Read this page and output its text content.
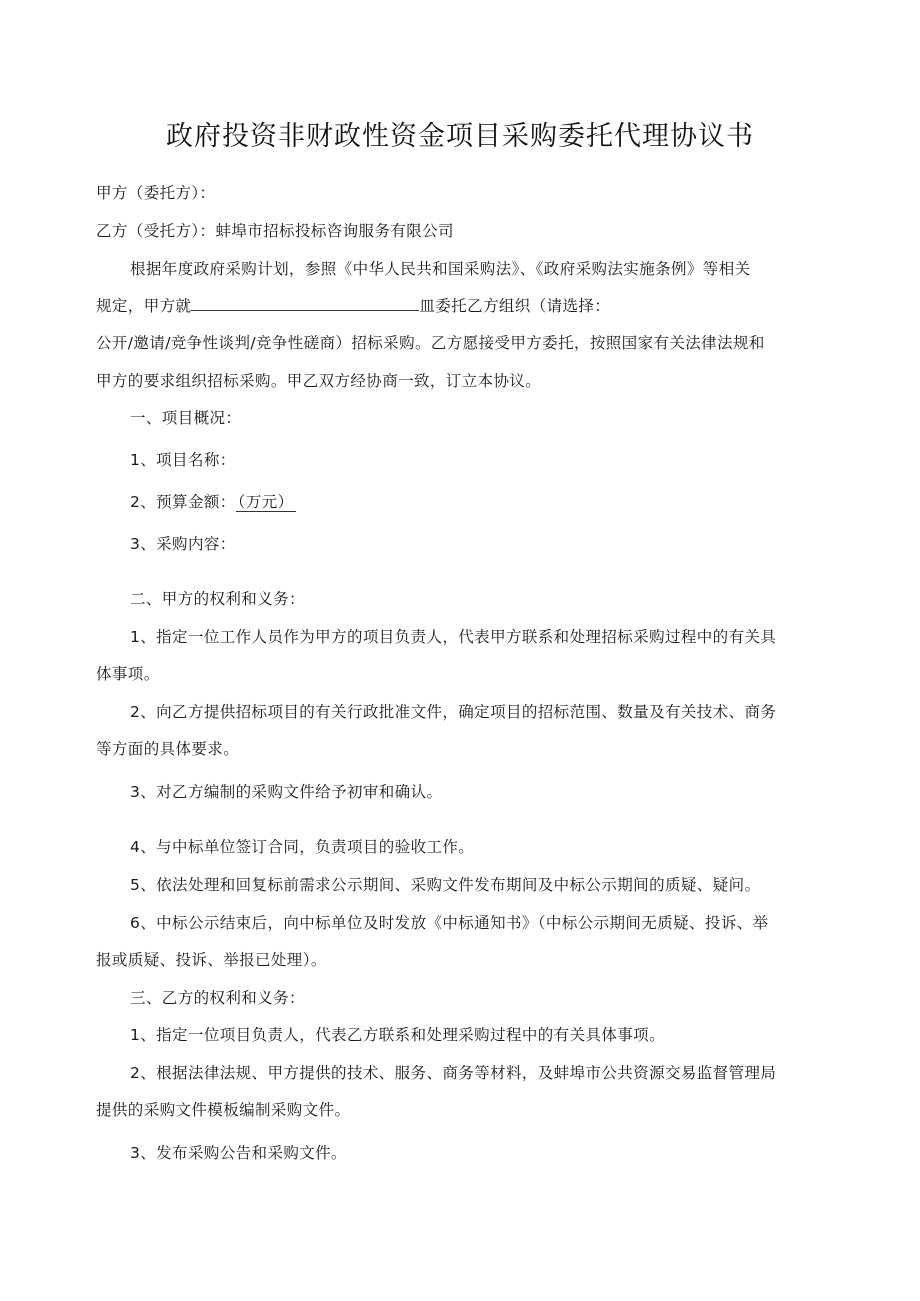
政府投资非财政性资金项目采购委托代理协议书
甲方（委托方）：
乙方（受托方）：蚌埠市招标投标咨询服务有限公司
根据年度政府采购计划，参照《中华人民共和国采购法》、《政府采购法实施条例》等相关
规定，甲方就	皿委托乙方组织（请选择：
公开/邀请/竞争性谈判/竞争性磋商）招标采购。乙方愿接受甲方委托，按照国家有关法律法规和
甲方的要求组织招标采购。甲乙双方经协商一致，订立本协议。
一、项目概况：
1、项目名称：
2、预算金额： （万元）
3、采购内容：
二、甲方的权利和义务：
1、指定一位工作人员作为甲方的项目负责人，代表甲方联系和处理招标采购过程中的有关具
体事项。
2、向乙方提供招标项目的有关行政批准文件，确定项目的招标范围、数量及有关技术、商务
等方面的具体要求。
3、对乙方编制的采购文件给予初审和确认。
4、与中标单位签订合同，负责项目的验收工作。
5、依法处理和回复标前需求公示期间、采购文件发布期间及中标公示期间的质疑、疑问。
6、中标公示结束后，向中标单位及时发放《中标通知书》（中标公示期间无质疑、投诉、举
报或质疑、投诉、举报已处理）。
三、乙方的权利和义务：
1、指定一位项目负责人，代表乙方联系和处理采购过程中的有关具体事项。
2、根据法律法规、甲方提供的技术、服务、商务等材料，及蚌埠市公共资源交易监督管理局
提供的采购文件模板编制采购文件。
3、发布采购公告和采购文件。
